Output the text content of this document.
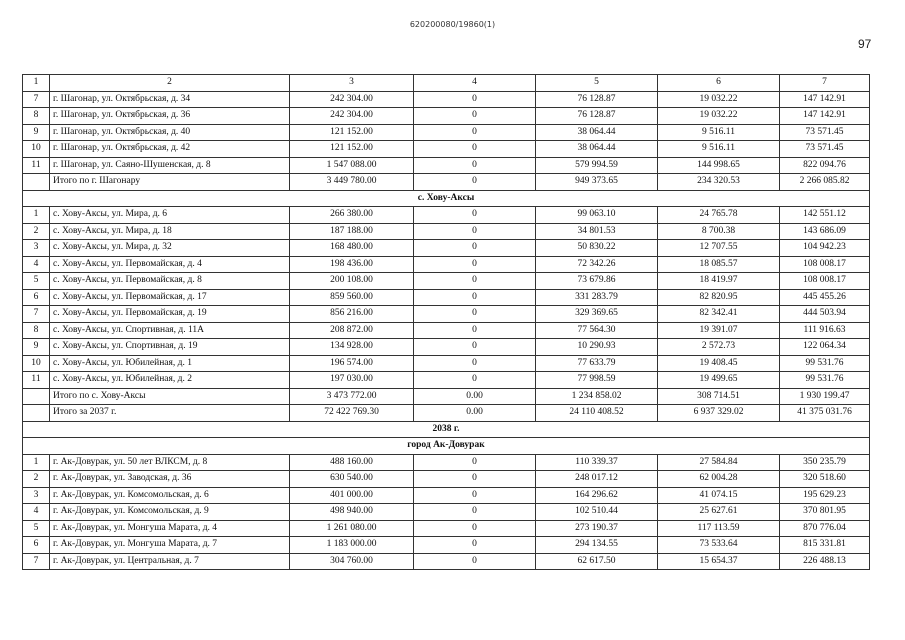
620200080/19860(1)
97
1	2	3	4	5	6	7
7	г. Шагонар, ул. Октябрьская, д. 34	242 304.00	0	76 128.87	19 032.22	147 142.91
8	г. Шагонар, ул. Октябрьская, д. 36	242 304.00	0	76 128.87	19 032.22	147 142.91
9	г. Шагонар, ул. Октябрьская, д. 40	121 152.00	0	38 064.44	9 516.11	73 571.45
10	г. Шагонар, ул. Октябрьская, д. 42	121 152.00	0	38 064.44	9 516.11	73 571.45
11	г. Шагонар, ул. Саяно-Шушенская, д. 8	1 547 088.00	0	579 994.59	144 998.65	822 094.76
	Итого по г. Шагонару	3 449 780.00	0	949 373.65	234 320.53	2 266 085.82
с. Хову-Аксы						
1	с. Хову-Аксы, ул. Мира, д. 6	266 380.00	0	99 063.10	24 765.78	142 551.12
2	с. Хову-Аксы, ул. Мира, д. 18	187 188.00	0	34 801.53	8 700.38	143 686.09
3	с. Хову-Аксы, ул. Мира, д. 32	168 480.00	0	50 830.22	12 707.55	104 942.23
4	с. Хову-Аксы, ул. Первомайская, д. 4	198 436.00	0	72 342.26	18 085.57	108 008.17
5	с. Хову-Аксы, ул. Первомайская, д. 8	200 108.00	0	73 679.86	18 419.97	108 008.17
6	с. Хову-Аксы, ул. Первомайская, д. 17	859 560.00	0	331 283.79	82 820.95	445 455.26
7	с. Хову-Аксы, ул. Первомайская, д. 19	856 216.00	0	329 369.65	82 342.41	444 503.94
8	с. Хову-Аксы, ул. Спортивная, д. 11А	208 872.00	0	77 564.30	19 391.07	111 916.63
9	с. Хову-Аксы, ул. Спортивная, д. 19	134 928.00	0	10 290.93	2 572.73	122 064.34
10	с. Хову-Аксы, ул. Юбилейная, д. 1	196 574.00	0	77 633.79	19 408.45	99 531.76
11	с. Хову-Аксы, ул. Юбилейная, д. 2	197 030.00	0	77 998.59	19 499.65	99 531.76
	Итого по с. Хову-Аксы	3 473 772.00	0.00	1 234 858.02	308 714.51	1 930 199.47
	Итого за 2037 г.	72 422 769.30	0.00	24 110 408.52	6 937 329.02	41 375 031.76
2038 г.						
город Ак-Довурак						
1	г. Ак-Довурак, ул. 50 лет ВЛКСМ, д. 8	488 160.00	0	110 339.37	27 584.84	350 235.79
2	г. Ак-Довурак, ул. Заводская, д. 36	630 540.00	0	248 017.12	62 004.28	320 518.60
3	г. Ак-Довурак, ул. Комсомольская, д. 6	401 000.00	0	164 296.62	41 074.15	195 629.23
4	г. Ак-Довурак, ул. Комсомольская, д. 9	498 940.00	0	102 510.44	25 627.61	370 801.95
5	г. Ак-Довурак, ул. Монгуша Марата, д. 4	1 261 080.00	0	273 190.37	117 113.59	870 776.04
6	г. Ак-Довурак, ул. Монгуша Марата, д. 7	1 183 000.00	0	294 134.55	73 533.64	815 331.81
7	г. Ак-Довурак, ул. Центральная, д. 7	304 760.00	0	62 617.50	15 654.37	226 488.13
